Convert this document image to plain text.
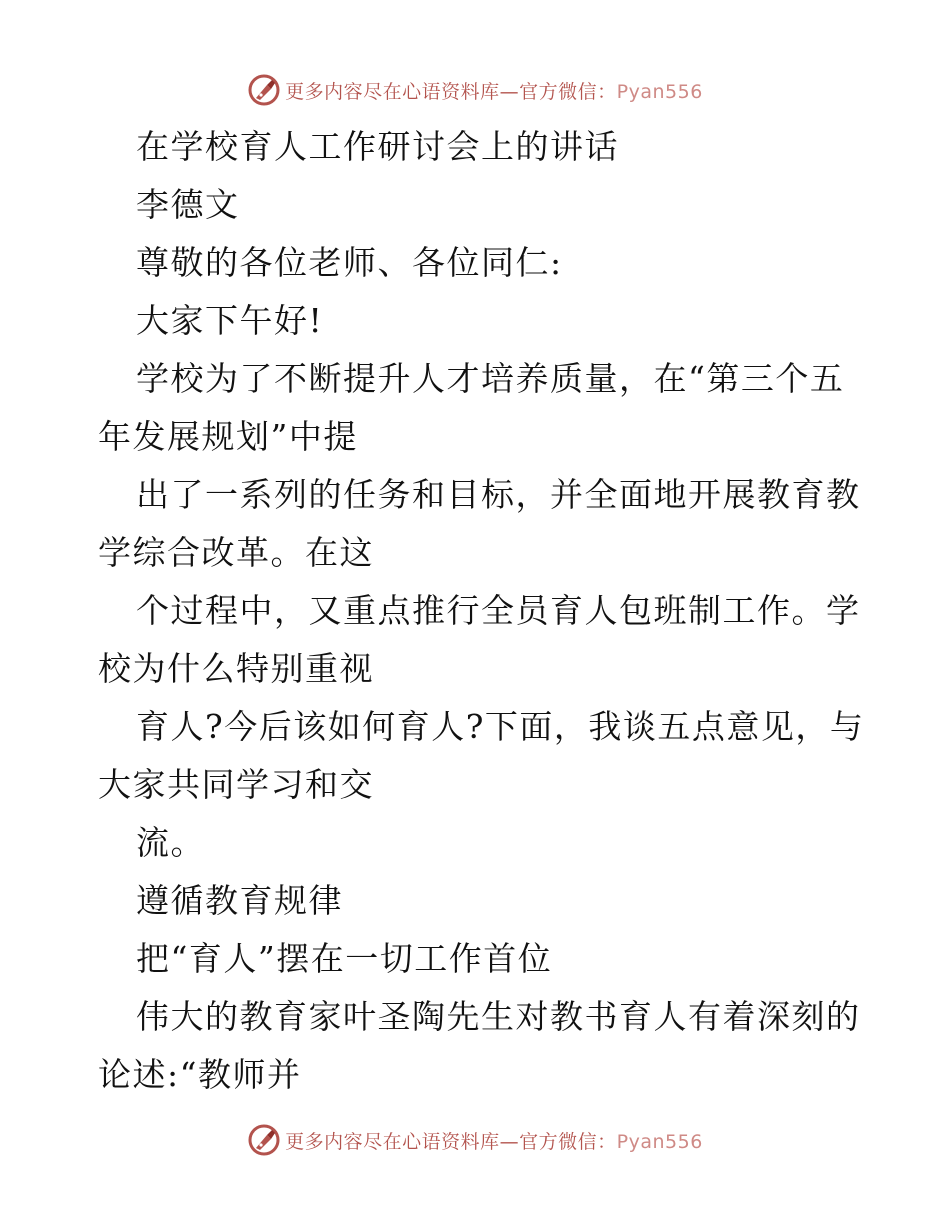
更多内容尽在心语资料库—官方微信：Pyan556
在学校育人工作研讨会上的讲话
李德文
尊敬的各位老师、各位同仁:
大家下午好!
学校为了不断提升人才培养质量，在“第三个五
年发展规划”中提
出了一系列的任务和目标，并全面地开展教育教
学综合改革。在这
个过程中，又重点推行全员育人包班制工作。学
校为什么特别重视
育人?今后该如何育人?下面，我谈五点意见，与
大家共同学习和交
流。
遵循教育规律
把“育人”摆在一切工作首位
伟大的教育家叶圣陶先生对教书育人有着深刻的
论述:“教师并
更多内容尽在心语资料库—官方微信：Pyan556
